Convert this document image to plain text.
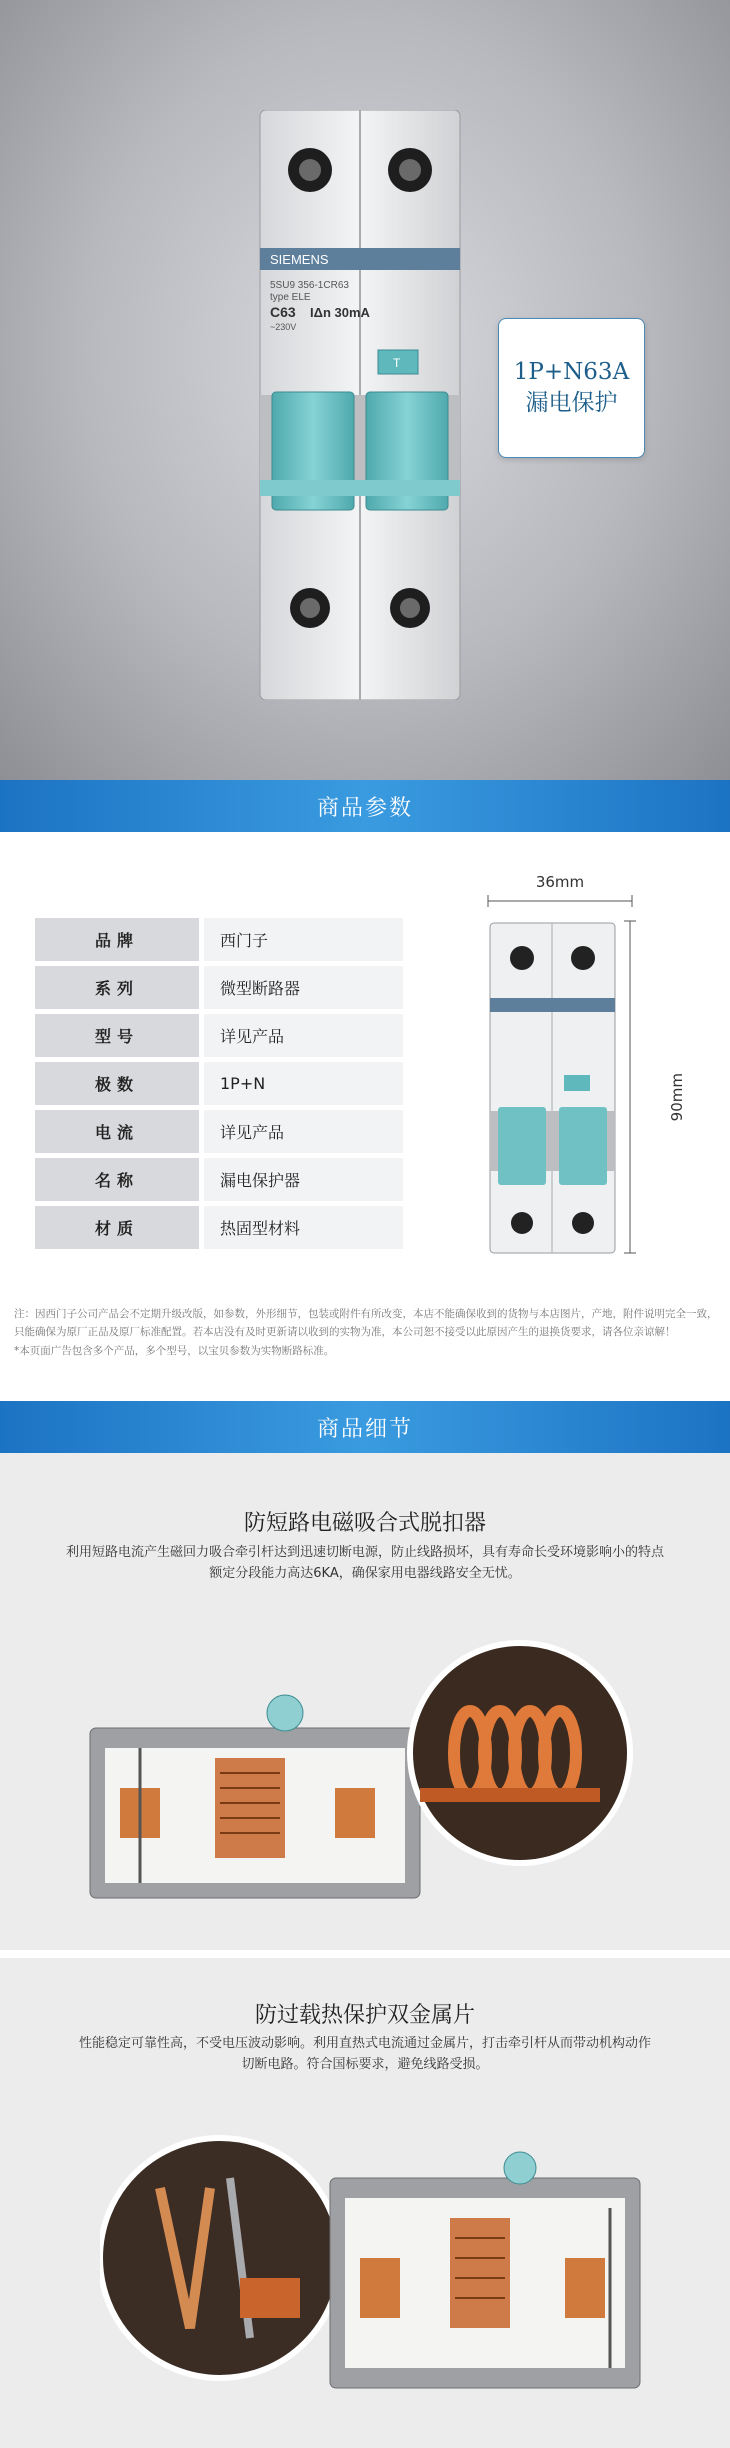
SIEMENS
5SU9 356-1CR63
type ELE
C63 IΔn 30mA
~230V
T	1P+N63A
漏电保护
商品参数
品牌	西门子
系列	微型断路器
型号	详见产品
极数	1P+N
电流	详见产品
名称	漏电保护器
材质	热固型材料
36mm
90mm
注：因西门子公司产品会不定期升级改版，如参数，外形细节，包装或附件有所改变，本店不能确保收到的货物与本店图片，产地，附件说明完全一致，只能确保为原厂正品及原厂标准配置。若本店没有及时更新请以收到的实物为准，本公司恕不接受以此原因产生的退换货要求，请各位亲谅解！
*本页面广告包含多个产品，多个型号，以宝贝参数为实物断路标准。
商品细节
防短路电磁吸合式脱扣器
利用短路电流产生磁回力吸合牵引杆达到迅速切断电源，防止线路损坏，具有寿命长受环境影响小的特点
额定分段能力高达6KA，确保家用电器线路安全无忧。
防过载热保护双金属片
性能稳定可靠性高，不受电压波动影响。利用直热式电流通过金属片，打击牵引杆从而带动机构动作
切断电路。符合国标要求，避免线路受损。
